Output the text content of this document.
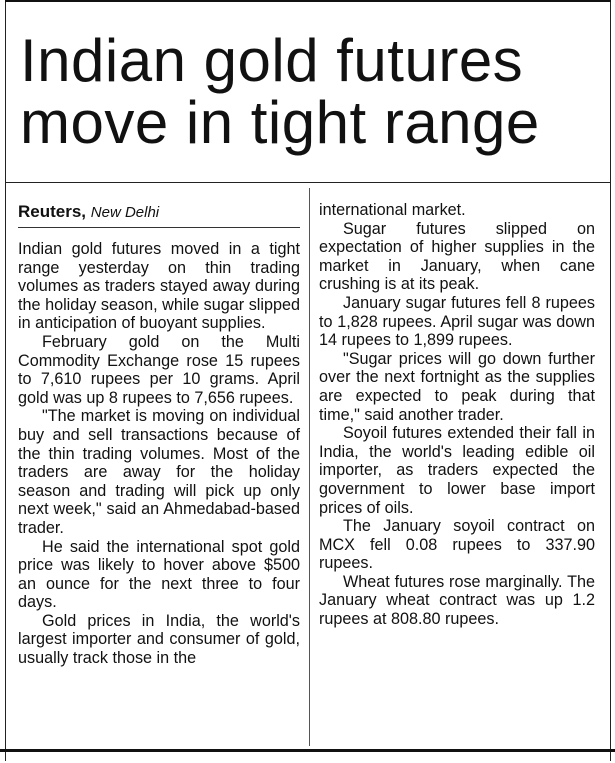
Indian gold futures
move in tight range

Reuters, New Delhi

Indian gold futures moved in a tight range yesterday on thin trading volumes as traders stayed away during the holiday season, while sugar slipped in anticipation of buoyant supplies.

February gold on the Multi Commodity Exchange rose 15 rupees to 7,610 rupees per 10 grams. April gold was up 8 rupees to 7,656 rupees.

"The market is moving on individual buy and sell transactions because of the thin trading volumes. Most of the traders are away for the holiday season and trading will pick up only next week," said an Ahmedabad-based trader.

He said the international spot gold price was likely to hover above $500 an ounce for the next three to four days.

Gold prices in India, the world's largest importer and consumer of gold, usually track those in the

international market.

Sugar futures slipped on expectation of higher supplies in the market in January, when cane crushing is at its peak.

January sugar futures fell 8 rupees to 1,828 rupees. April sugar was down 14 rupees to 1,899 rupees.

"Sugar prices will go down further over the next fortnight as the supplies are expected to peak during that time," said another trader.

Soyoil futures extended their fall in India, the world's leading edible oil importer, as traders expected the government to lower base import prices of oils.

The January soyoil contract on MCX fell 0.08 rupees to 337.90 rupees.

Wheat futures rose marginally. The January wheat contract was up 1.2 rupees at 808.80 rupees.
